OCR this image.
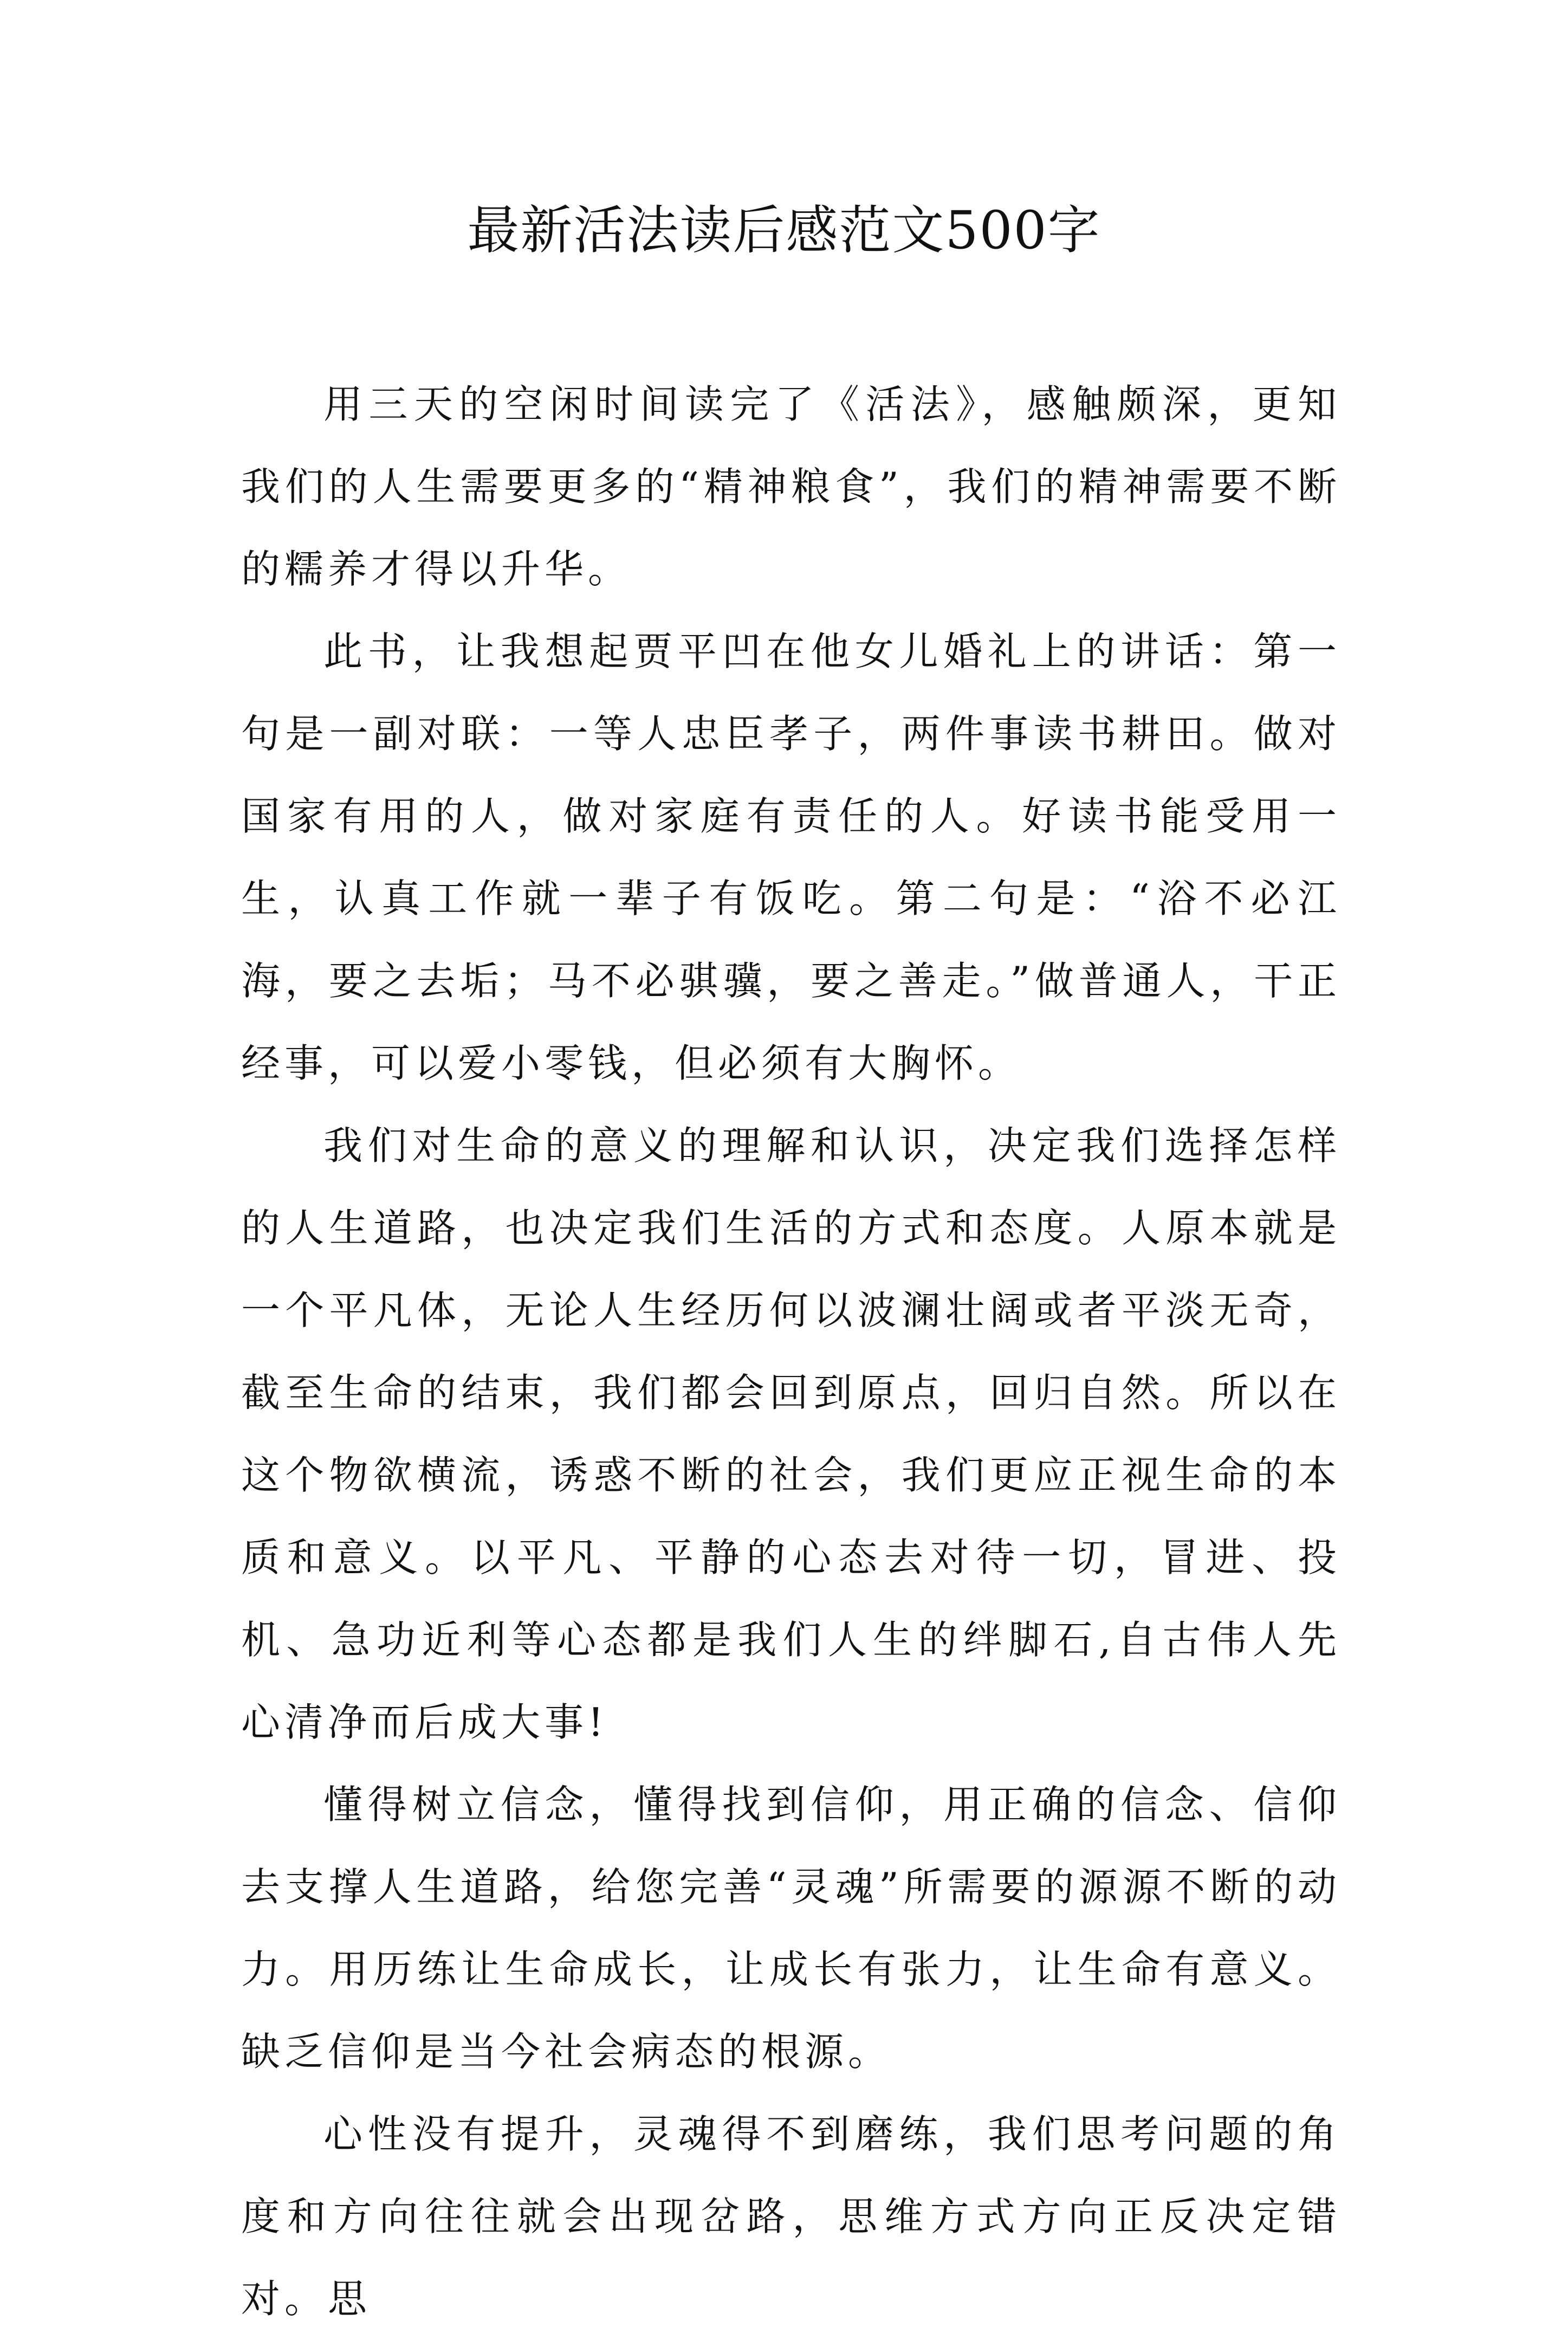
最新活法读后感范文500字

用三天的空闲时间读完了《活法》，感触颇深，更知我们的人生需要更多的“精神粮食”，我们的精神需要不断的糯养才得以升华。

此书，让我想起贾平凹在他女儿婚礼上的讲话：第一句是一副对联：一等人忠臣孝子，两件事读书耕田。做对国家有用的人，做对家庭有责任的人。好读书能受用一生，认真工作就一辈子有饭吃。第二句是：“浴不必江海，要之去垢；马不必骐骥，要之善走。”做普通人，干正经事，可以爱小零钱，但必须有大胸怀。

我们对生命的意义的理解和认识，决定我们选择怎样的人生道路，也决定我们生活的方式和态度。人原本就是一个平凡体，无论人生经历何以波澜壮阔或者平淡无奇，截至生命的结束，我们都会回到原点，回归自然。所以在这个物欲横流，诱惑不断的社会，我们更应正视生命的本质和意义。以平凡、平静的心态去对待一切，冒进、投机、急功近利等心态都是我们人生的绊脚石,自古伟人先心清净而后成大事!

懂得树立信念，懂得找到信仰，用正确的信念、信仰去支撑人生道路，给您完善“灵魂”所需要的源源不断的动力。用历练让生命成长，让成长有张力，让生命有意义。缺乏信仰是当今社会病态的根源。

心性没有提升，灵魂得不到磨练，我们思考问题的角度和方向往往就会出现岔路，思维方式方向正反决定错对。思
